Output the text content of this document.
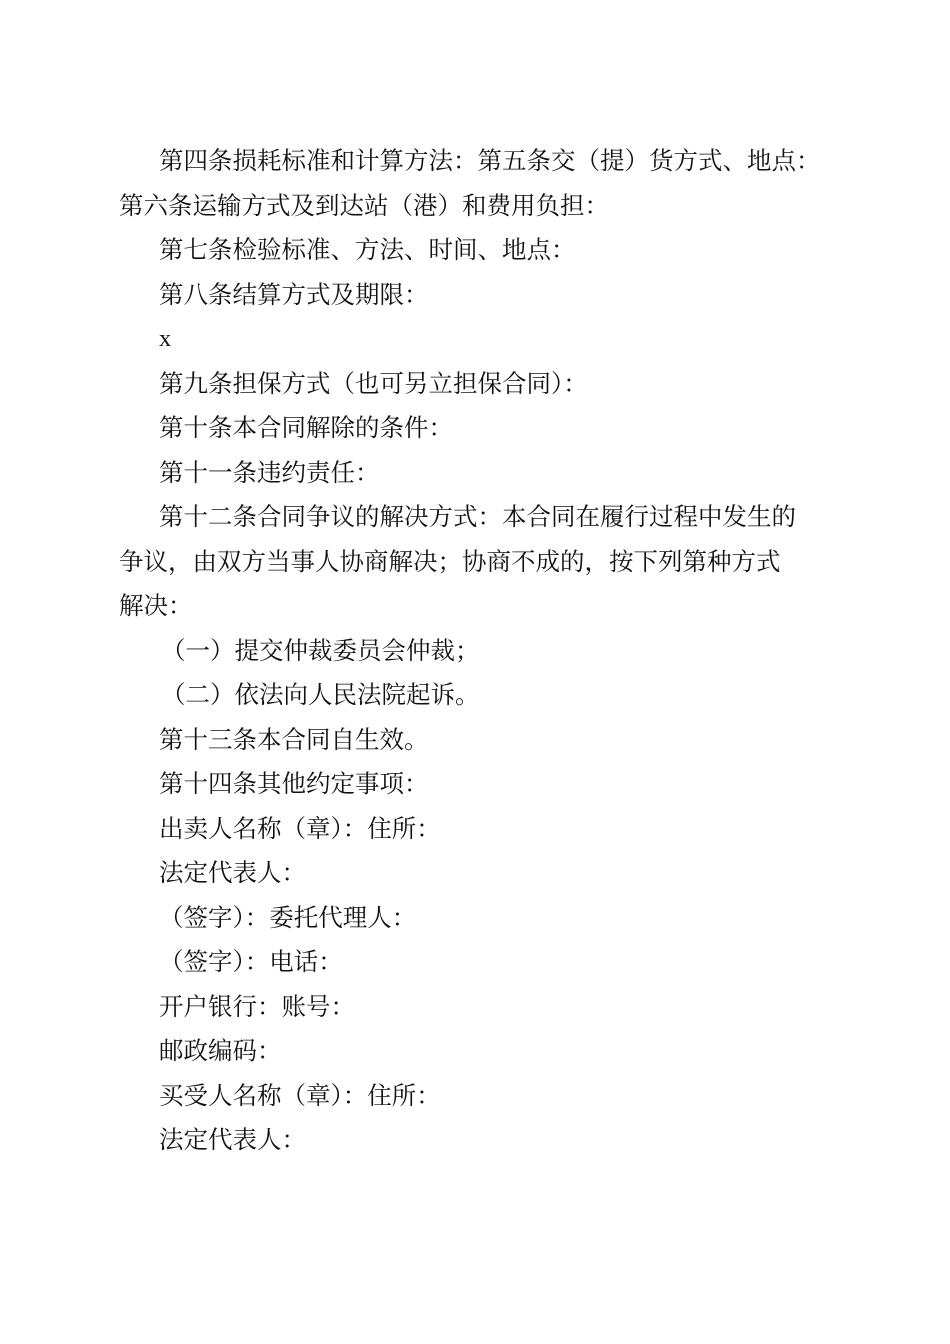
第四条损耗标准和计算方法：第五条交（提）货方式、地点：

第六条运输方式及到达站（港）和费用负担：

第七条检验标准、方法、时间、地点：

第八条结算方式及期限：

x

第九条担保方式（也可另立担保合同）：

第十条本合同解除的条件：

第十一条违约责任：

第十二条合同争议的解决方式：本合同在履行过程中发生的

争议，由双方当事人协商解决；协商不成的，按下列第种方式

解决：

（一）提交仲裁委员会仲裁；

（二）依法向人民法院起诉。

第十三条本合同自生效。

第十四条其他约定事项：

出卖人名称（章）：住所：

法定代表人：

（签字）：委托代理人：

（签字）：电话：

开户银行：账号：

邮政编码：

买受人名称（章）：住所：

法定代表人：
